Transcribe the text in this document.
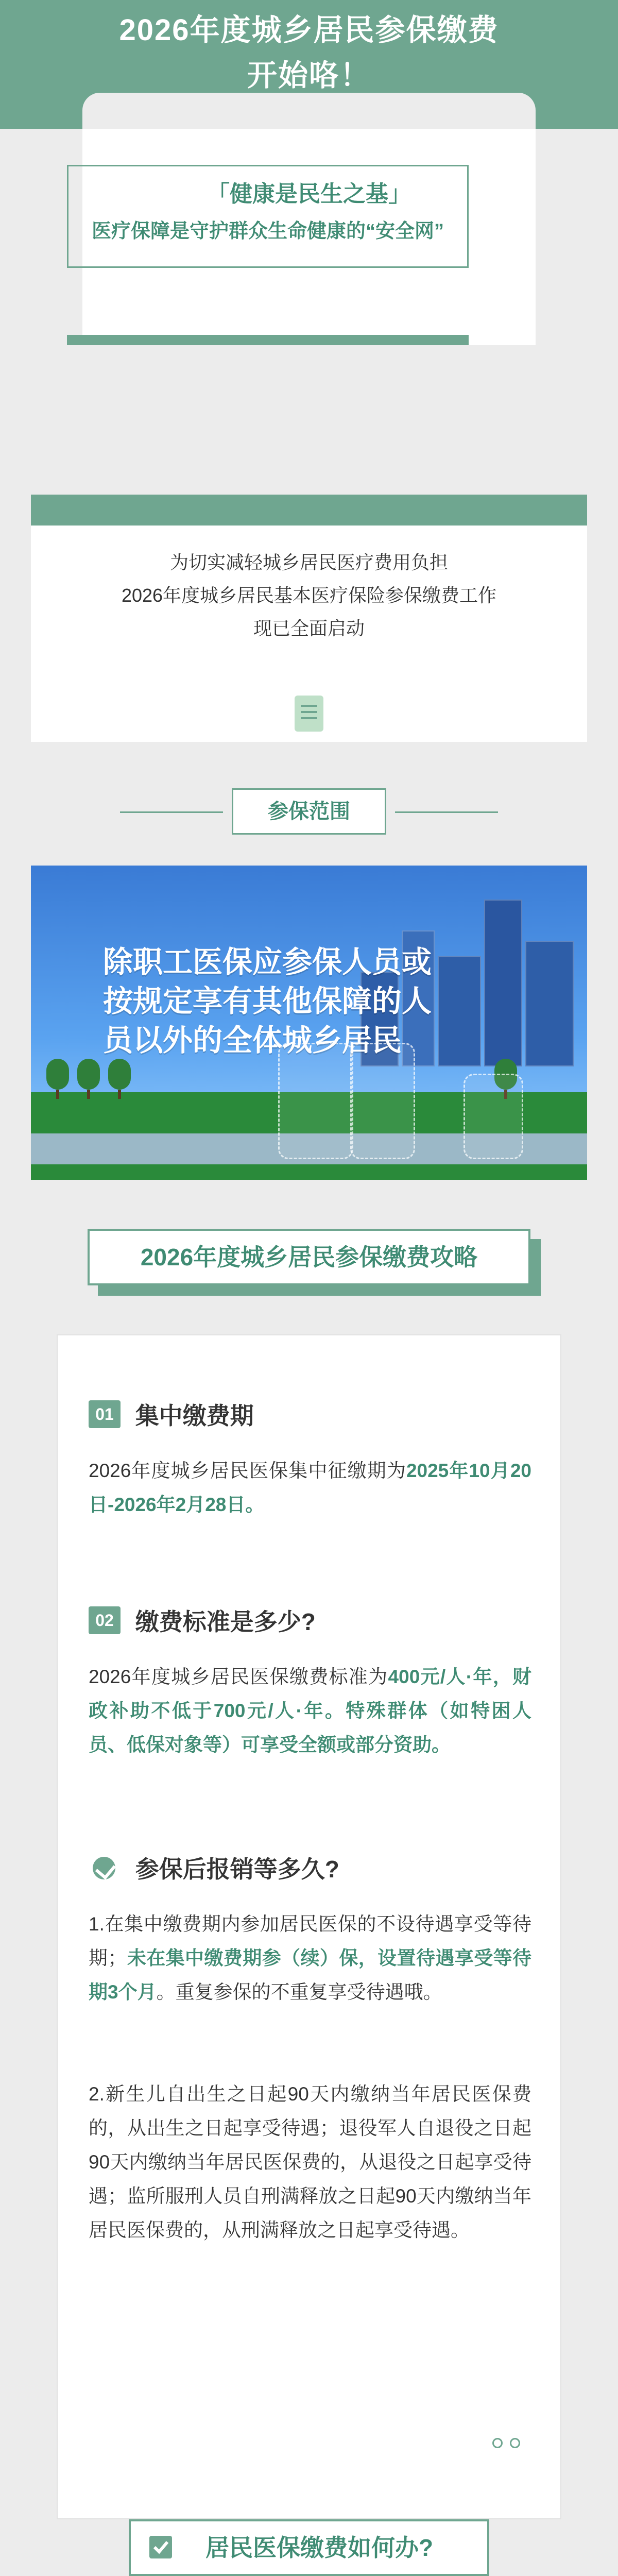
2026年度城乡居民参保缴费
开始咯！
「健康是民生之基」
医疗保障是守护群众生命健康的“安全网”
为切实减轻城乡居民医疗费用负担
2026年度城乡居民基本医疗保险参保缴费工作
现已全面启动
参保范围
除职工医保应参保人员或按规定享有其他保障的人员以外的全体城乡居民
2026年度城乡居民参保缴费攻略
01 集中缴费期
2026年度城乡居民医保集中征缴期为2025年10月20日-2026年2月28日。
02 缴费标准是多少?
2026年度城乡居民医保缴费标准为400元/人·年，财政补助不低于700元/人·年。特殊群体（如特困人员、低保对象等）可享受全额或部分资助。
参保后报销等多久?
1.在集中缴费期内参加居民医保的不设待遇享受等待期；未在集中缴费期参（续）保，设置待遇享受等待期3个月。重复参保的不重复享受待遇哦。
2.新生儿自出生之日起90天内缴纳当年居民医保费的，从出生之日起享受待遇；退役军人自退役之日起90天内缴纳当年居民医保费的，从退役之日起享受待遇；监所服刑人员自刑满释放之日起90天内缴纳当年居民医保费的，从刑满释放之日起享受待遇。
居民医保缴费如何办?
